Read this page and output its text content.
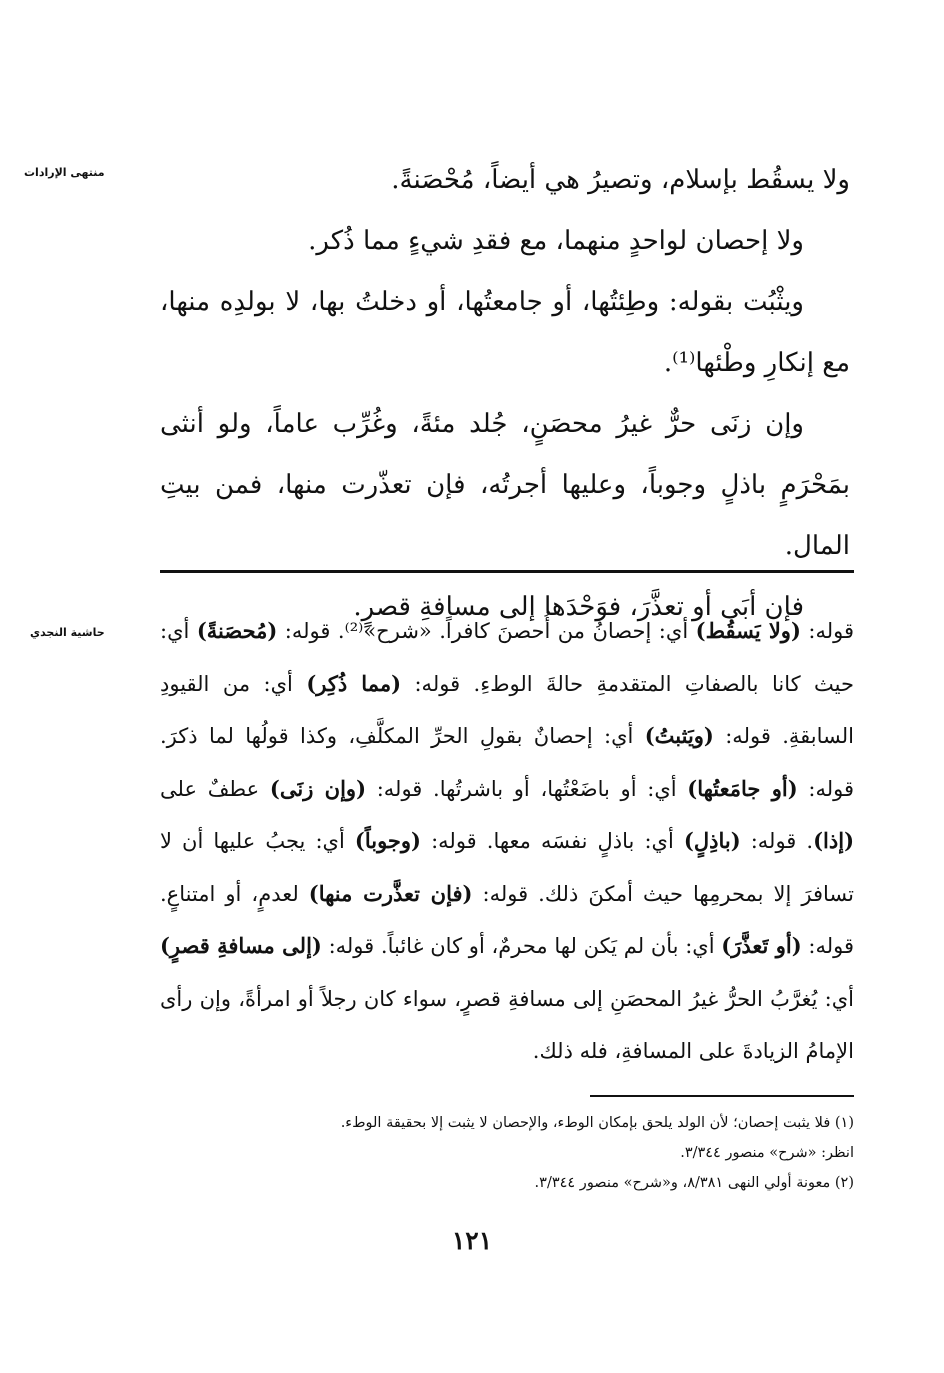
منتهى الإرادات
حاشية النجدي

ولا يسقُط بإسلام، وتصيرُ هي أيضاً، مُحْصَنةً.

ولا إحصان لواحدٍ منهما، مع فقدِ شيءٍ مما ذُكر.

ويثْبُت بقوله: وطِئتُها، أو جامعتُها، أو دخلتُ بها، لا بولدِه منها، مع إنكارِ وطْئها⁽¹⁾.

وإن زنَى حرٌّ غيرُ محصَنٍ، جُلد مئةً، وغُرِّب عاماً، ولو أنثى بمَحْرَمٍ باذلٍ وجوباً، وعليها أجرتُه، فإن تعذّرت منها، فمن بيتِ المال.

فإن أبَى أو تعذَّرَ، فوَحْدَها إلى مسافةِ قصرٍ.

قوله: (ولا يَسقُط) أي: إحصانُ من أُحصنَ كافراً. «شرح»⁽²⁾. قوله: (مُحصَنةً) أي: حيث كانا بالصفاتِ المتقدمةِ حالةَ الوطءِ. قوله: (مما ذُكِر) أي: من القيودِ السابقةِ. قوله: (ويَثبتُ) أي: إحصانٌ بقولِ الحرِّ المكلَّفِ، وكذا قولُها لما ذكرَ. قوله: (أو جامَعتُها) أي: أو باضَعْتُها، أو باشرتُها. قوله: (وإن زنَى) عطفٌ على (إذا). قوله: (باذِلٍ) أي: باذلٍ نفسَه معها. قوله: (وجوباً) أي: يجبُ عليها أن لا تسافرَ إلا بمحرمِها حيث أمكنَ ذلك. قوله: (فإن تعذَّرت منها) لعدمٍ، أو امتناعٍ. قوله: (أو تَعذَّرَ) أي: بأن لم يَكن لها محرمٌ، أو كان غائباً. قوله: (إلى مسافةِ قصرٍ) أي: يُغرَّبُ الحرُّ غيرُ المحصَنِ إلى مسافةِ قصرٍ، سواء كان رجلاً أو امرأةً، وإن رأى الإمامُ الزيادةَ على المسافةِ، فله ذلك.

(١) فلا يثبت إحصان؛ لأن الولد يلحق بإمكان الوطء، والإحصان لا يثبت إلا بحقيقة الوطء.

انظر: «شرح» منصور ٣/٣٤٤.

(٢) معونة أولي النهى ٨/٣٨١، و«شرح» منصور ٣/٣٤٤.

١٢١
